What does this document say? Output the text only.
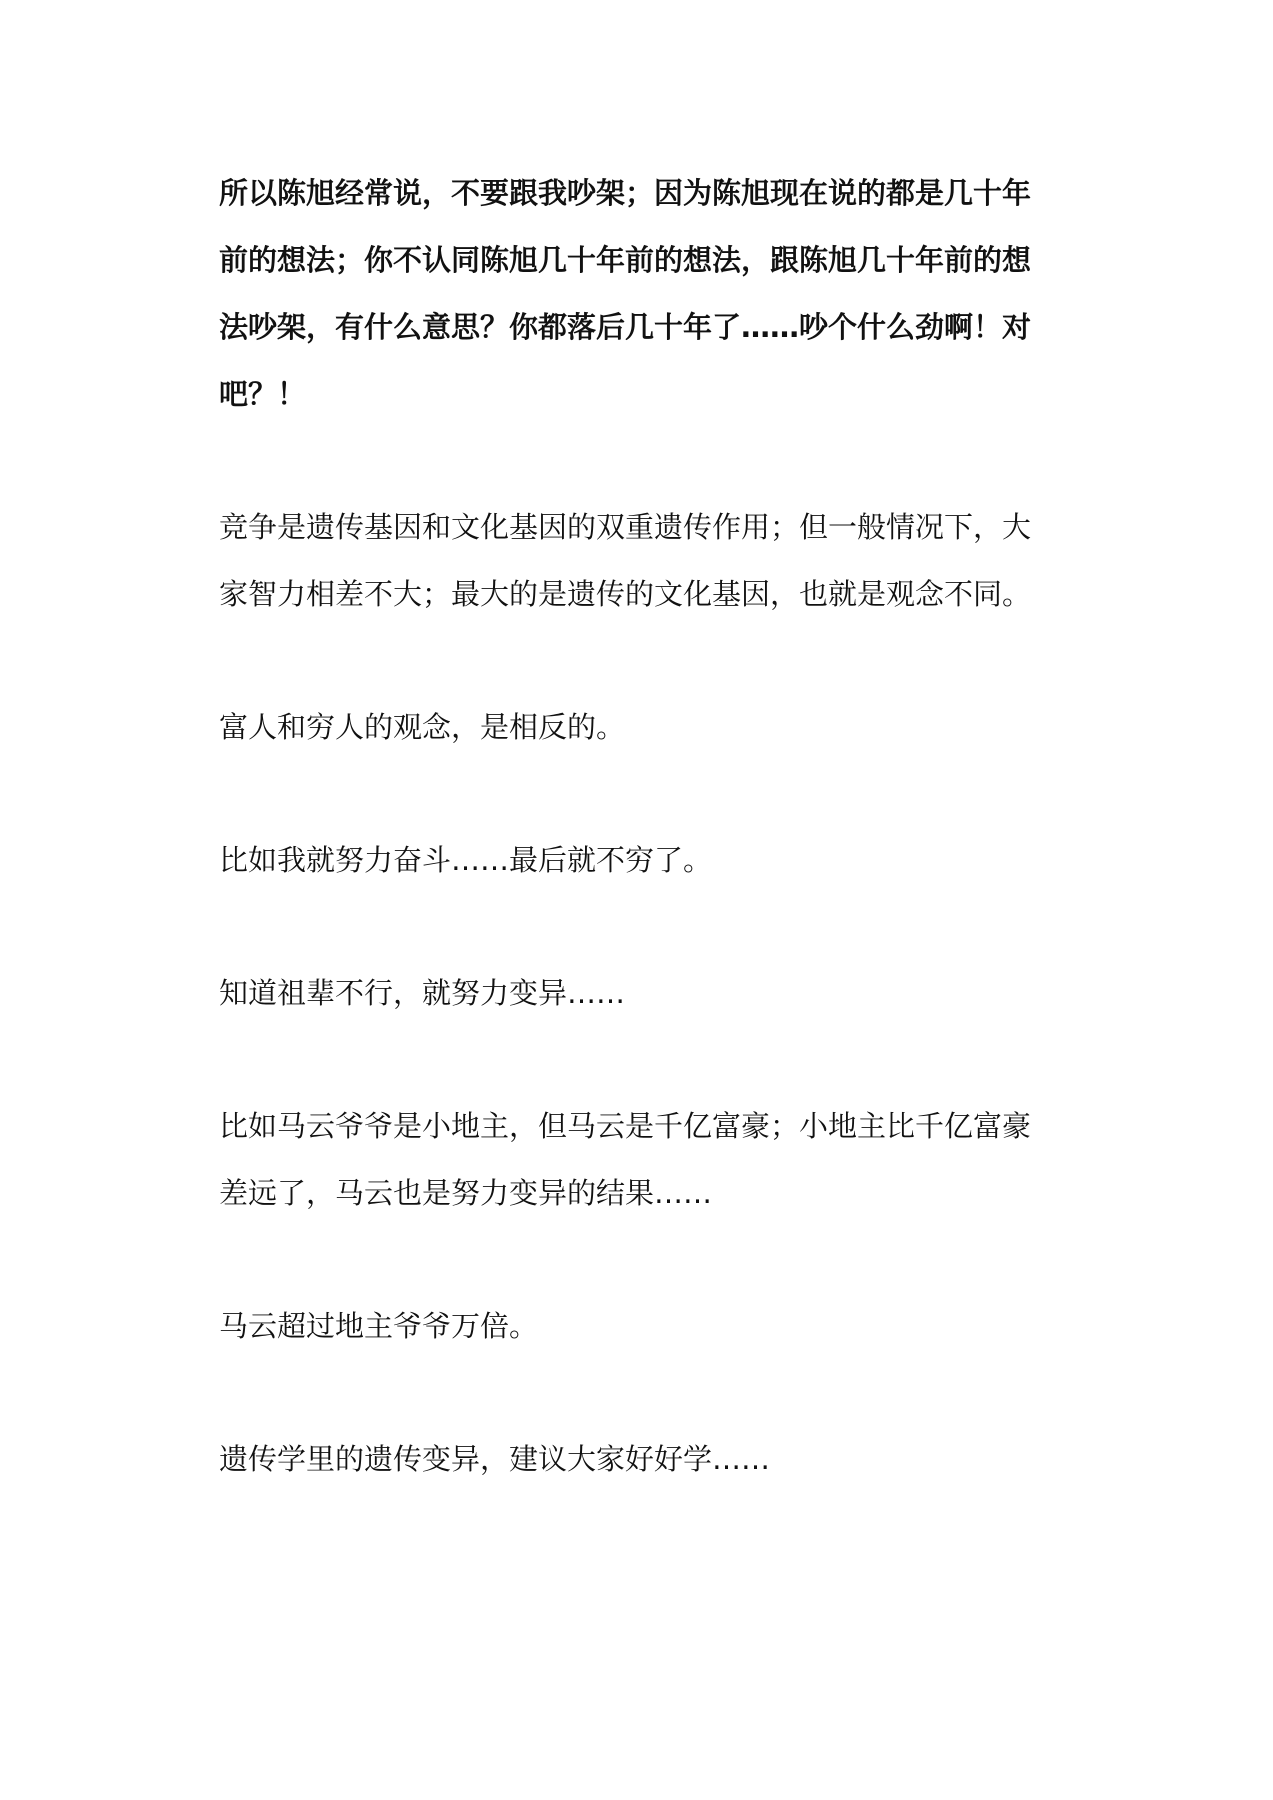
所以陈旭经常说，不要跟我吵架；因为陈旭现在说的都是几十年前的想法；你不认同陈旭几十年前的想法，跟陈旭几十年前的想法吵架，有什么意思？你都落后几十年了……吵个什么劲啊！对吧？！

竞争是遗传基因和文化基因的双重遗传作用；但一般情况下，大家智力相差不大；最大的是遗传的文化基因，也就是观念不同。

富人和穷人的观念，是相反的。

比如我就努力奋斗……最后就不穷了。

知道祖辈不行，就努力变异……

比如马云爷爷是小地主，但马云是千亿富豪；小地主比千亿富豪差远了，马云也是努力变异的结果……

马云超过地主爷爷万倍。

遗传学里的遗传变异，建议大家好好学……
